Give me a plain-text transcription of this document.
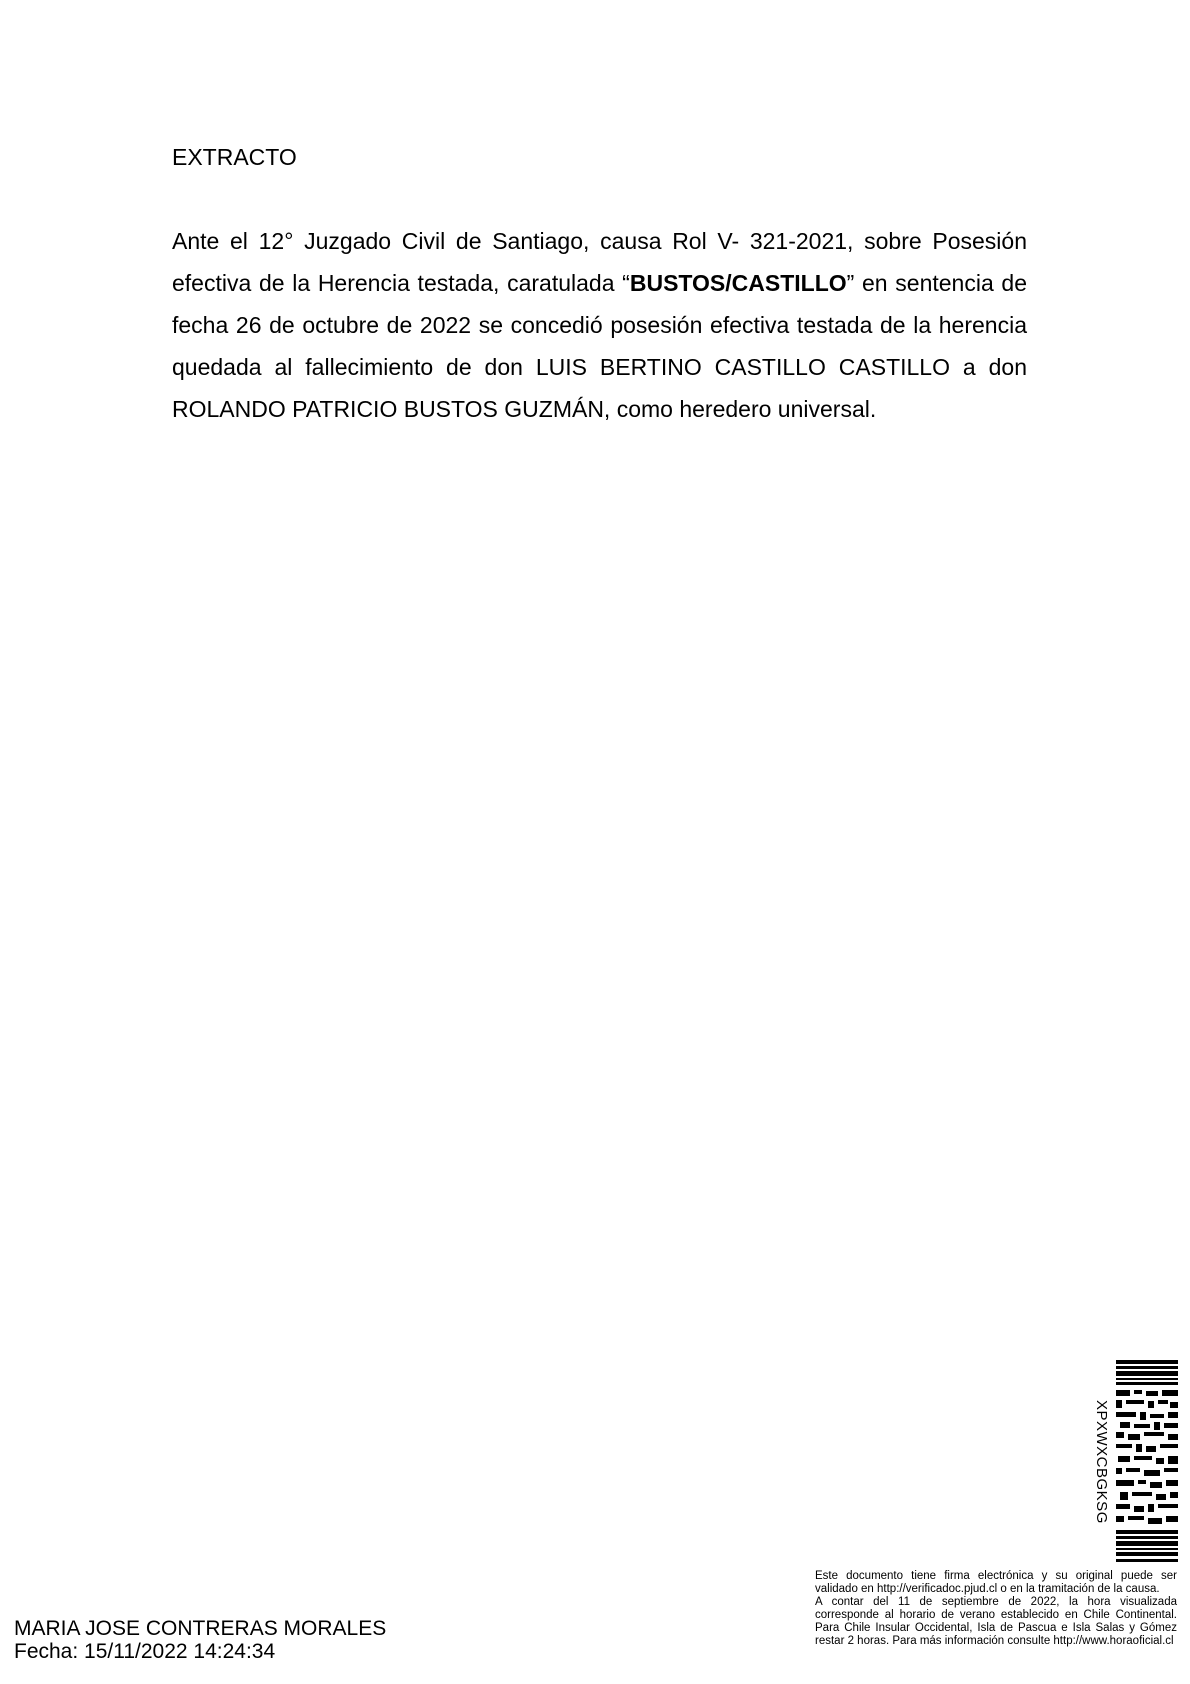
EXTRACTO

Ante el 12° Juzgado Civil de Santiago, causa Rol V- 321-2021, sobre Posesión efectiva de la Herencia testada, caratulada “BUSTOS/CASTILLO” en sentencia de fecha 26 de octubre de 2022 se concedió posesión efectiva testada de la herencia quedada al fallecimiento de don LUIS BERTINO CASTILLO CASTILLO a don ROLANDO PATRICIO BUSTOS GUZMÁN, como heredero universal.

XPXWXCBGKSG

Este documento tiene firma electrónica y su original puede ser validado en http://verificadoc.pjud.cl o en la tramitación de la causa.

A contar del 11 de septiembre de 2022, la hora visualizada corresponde al horario de verano establecido en Chile Continental. Para Chile Insular Occidental, Isla de Pascua e Isla Salas y Gómez restar 2 horas. Para más información consulte http://www.horaoficial.cl

MARIA JOSE CONTRERAS MORALES
Fecha: 15/11/2022 14:24:34
